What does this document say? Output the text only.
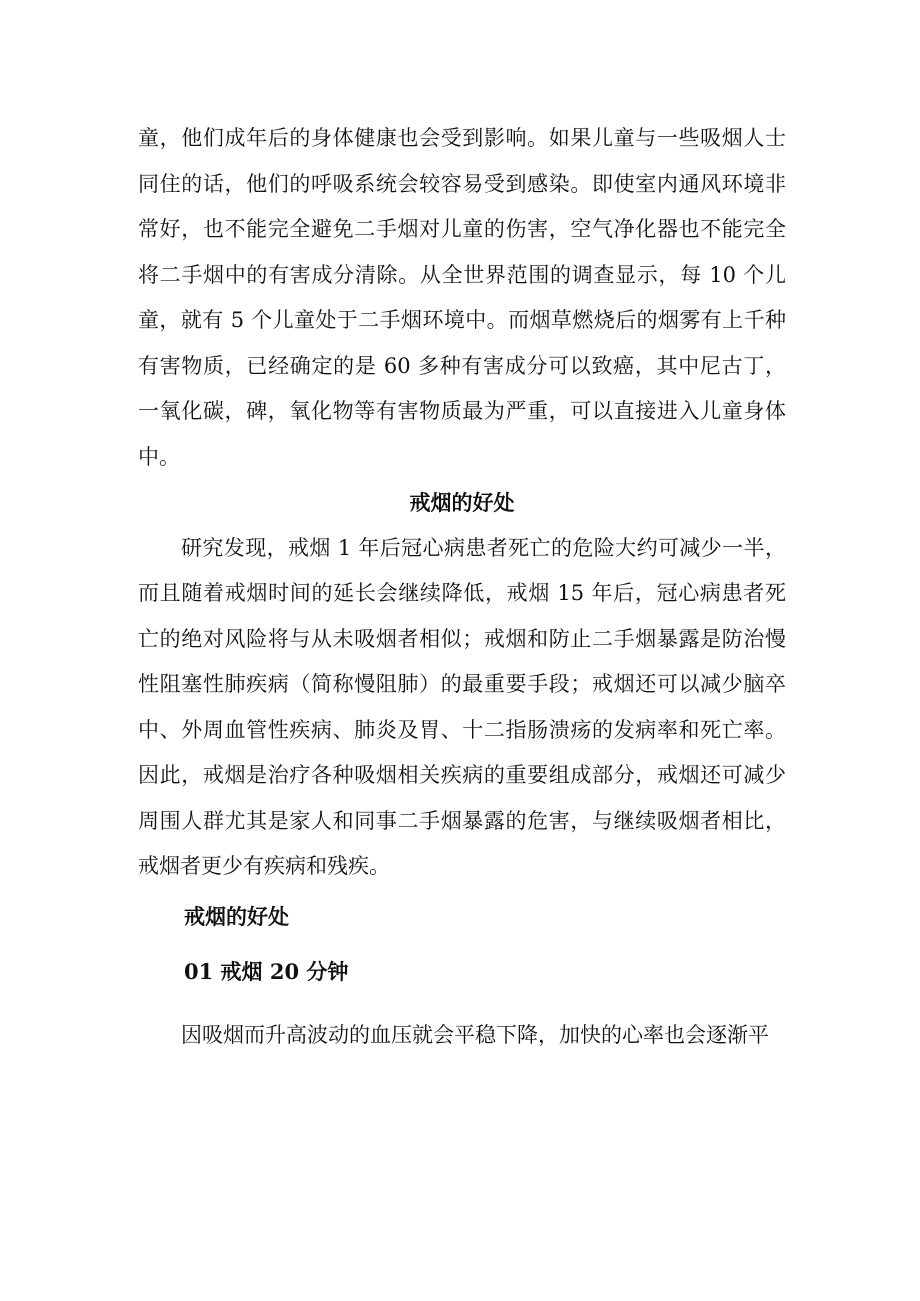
童，他们成年后的身体健康也会受到影响。如果儿童与一些吸烟人士同住的话，他们的呼吸系统会较容易受到感染。即使室内通风环境非常好，也不能完全避免二手烟对儿童的伤害，空气净化器也不能完全将二手烟中的有害成分清除。从全世界范围的调查显示，每 10 个儿童，就有 5 个儿童处于二手烟环境中。而烟草燃烧后的烟雾有上千种有害物质，已经确定的是 60 多种有害成分可以致癌，其中尼古丁，一氧化碳，碑，氧化物等有害物质最为严重，可以直接进入儿童身体中。

戒烟的好处

研究发现，戒烟 1 年后冠心病患者死亡的危险大约可减少一半，而且随着戒烟时间的延长会继续降低，戒烟 15 年后，冠心病患者死亡的绝对风险将与从未吸烟者相似；戒烟和防止二手烟暴露是防治慢性阻塞性肺疾病（简称慢阻肺）的最重要手段；戒烟还可以减少脑卒中、外周血管性疾病、肺炎及胃、十二指肠溃疡的发病率和死亡率。因此，戒烟是治疗各种吸烟相关疾病的重要组成部分，戒烟还可减少周围人群尤其是家人和同事二手烟暴露的危害，与继续吸烟者相比，戒烟者更少有疾病和残疾。

戒烟的好处

01 戒烟 20 分钟

因吸烟而升高波动的血压就会平稳下降，加快的心率也会逐渐平
